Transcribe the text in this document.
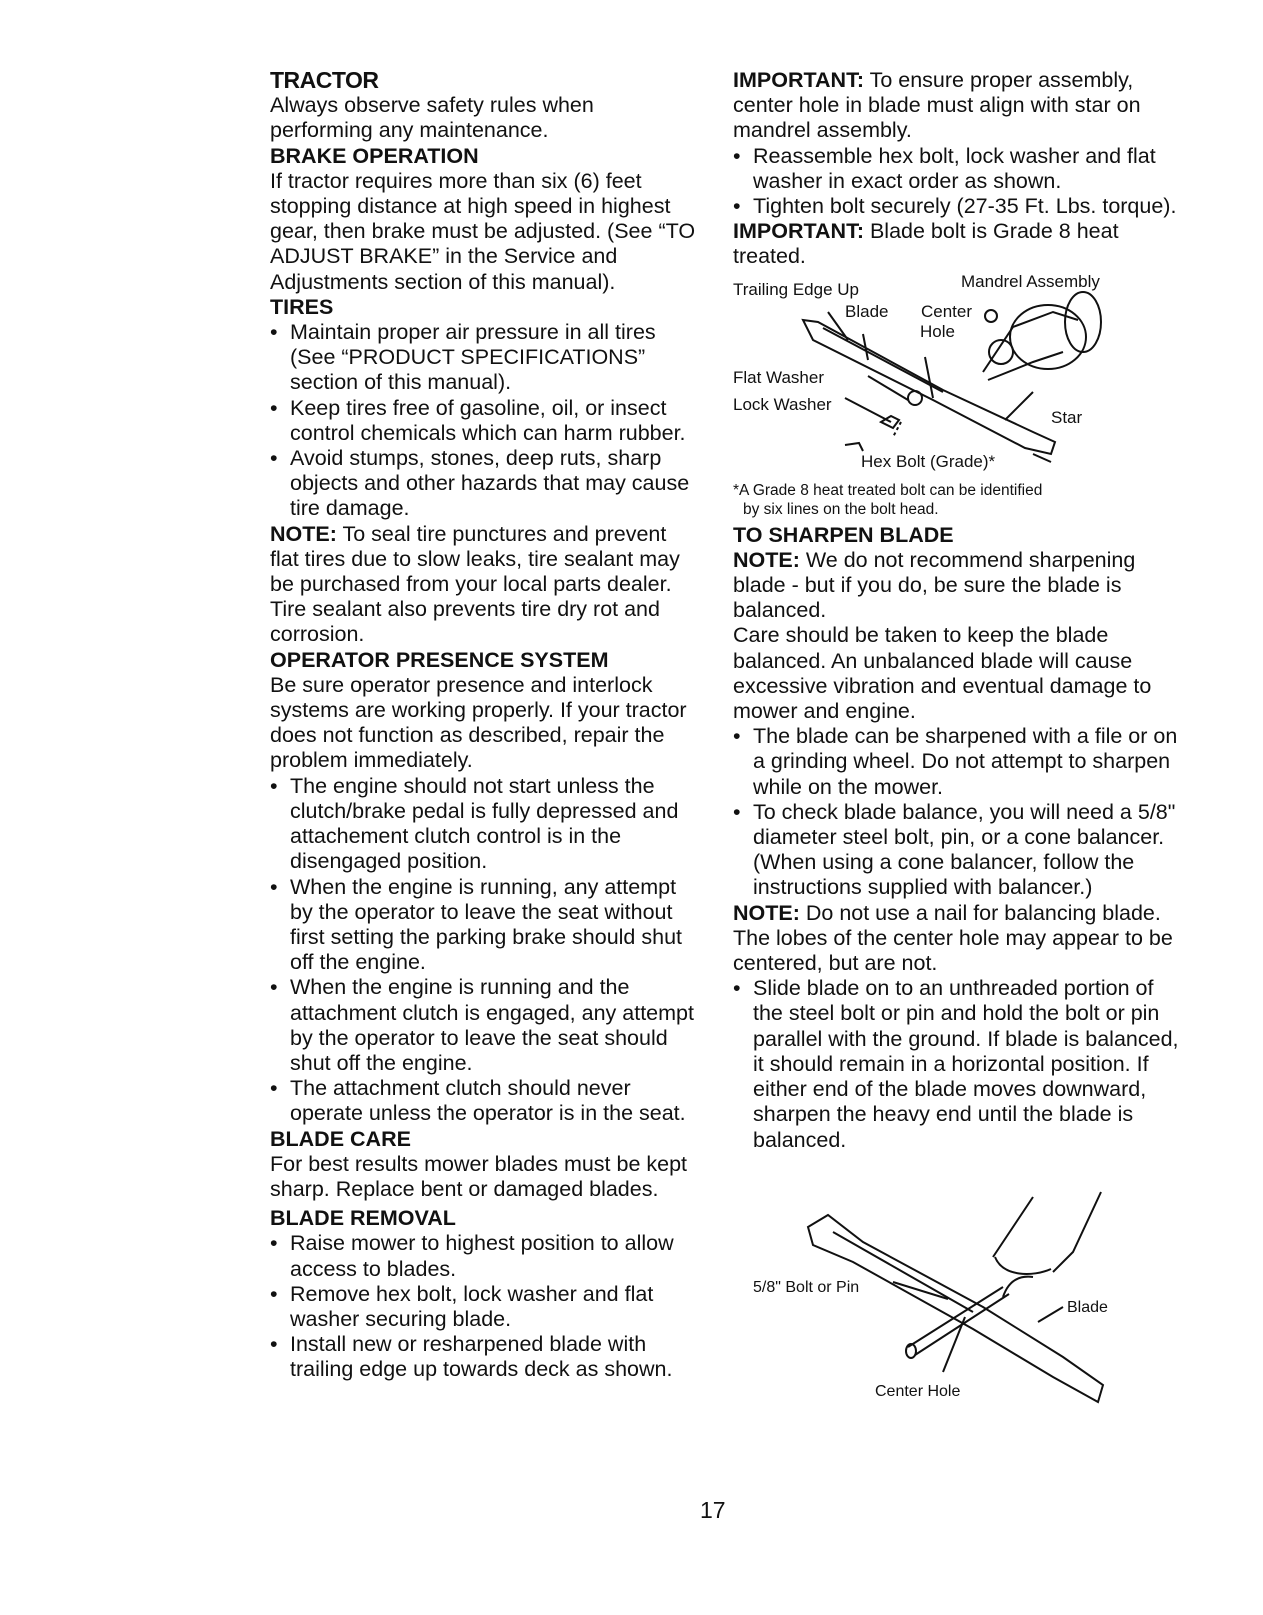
TRACTOR

Always observe safety rules when performing any maintenance.

BRAKE OPERATION

If tractor requires more than six (6) feet stopping distance at high speed in highest gear, then brake must be adjusted. (See “TO ADJUST BRAKE” in the Service and Adjustments section of this manual).

TIRES

• Maintain proper air pressure in all tires (See “PRODUCT SPECIFICATIONS” section of this manual).
• Keep tires free of gasoline, oil, or insect control chemicals which can harm rubber.
• Avoid stumps, stones, deep ruts, sharp objects and other hazards that may cause tire damage.

NOTE: To seal tire punctures and prevent flat tires due to slow leaks, tire sealant may be purchased from your local parts dealer. Tire sealant also prevents tire dry rot and corrosion.

OPERATOR PRESENCE SYSTEM

Be sure operator presence and interlock systems are working properly. If your tractor does not function as described, repair the problem immediately.

• The engine should not start unless the clutch/brake pedal is fully depressed and attachement clutch control is in the disengaged position.
• When the engine is running, any attempt by the operator to leave the seat without first setting the parking brake should shut off the engine.
• When the engine is running and the attachment clutch is engaged, any attempt by the operator to leave the seat should shut off the engine.
• The attachment clutch should never operate unless the operator is in the seat.

BLADE CARE

For best results mower blades must be kept sharp. Replace bent or damaged blades.

BLADE REMOVAL

• Raise mower to highest position to allow access to blades.
• Remove hex bolt, lock washer and flat washer securing blade.
• Install new or resharpened blade with trailing edge up towards deck as shown.

IMPORTANT: To ensure proper assembly, center hole in blade must align with star on mandrel assembly.

• Reassemble hex bolt, lock washer and flat washer in exact order as shown.
• Tighten bolt securely (27-35 Ft. Lbs. torque).

IMPORTANT: Blade bolt is Grade 8 heat treated.

Mandrel Assembly
Trailing Edge Up
Blade Center
Hole
Flat Washer
Lock Washer
Star
Hex Bolt (Grade)*

*A Grade 8 heat treated bolt can be identified
by six lines on the bolt head.

TO SHARPEN BLADE

NOTE: We do not recommend sharpening blade - but if you do, be sure the blade is balanced.

Care should be taken to keep the blade balanced. An unbalanced blade will cause excessive vibration and eventual damage to mower and engine.

• The blade can be sharpened with a file or on a grinding wheel. Do not attempt to sharpen while on the mower.
• To check blade balance, you will need a 5/8" diameter steel bolt, pin, or a cone balancer. (When using a cone balancer, follow the instructions supplied with balancer.)

NOTE: Do not use a nail for balancing blade. The lobes of the center hole may appear to be centered, but are not.

• Slide blade on to an unthreaded portion of the steel bolt or pin and hold the bolt or pin parallel with the ground. If blade is balanced, it should remain in a horizontal position. If either end of the blade moves downward, sharpen the heavy end until the blade is balanced.
5/8" Bolt or Pin
Blade
Center Hole
17
